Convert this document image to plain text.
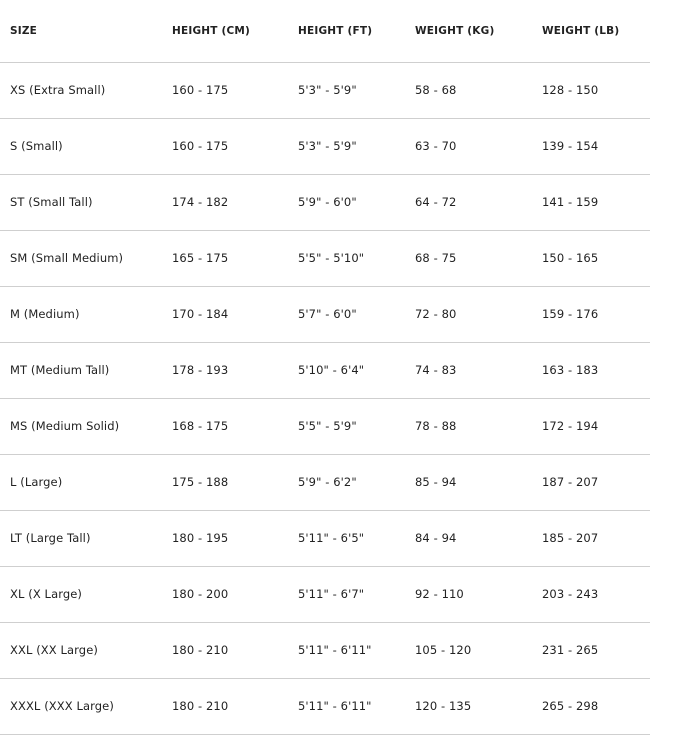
SIZE	HEIGHT (CM)	HEIGHT (FT)	WEIGHT (KG)	WEIGHT (LB)
XS (Extra Small)	160 - 175	5'3" - 5'9"	58 - 68	128 - 150
S (Small)	160 - 175	5'3" - 5'9"	63 - 70	139 - 154
ST (Small Tall)	174 - 182	5'9" - 6'0"	64 - 72	141 - 159
SM (Small Medium)	165 - 175	5'5" - 5'10"	68 - 75	150 - 165
M (Medium)	170 - 184	5'7" - 6'0"	72 - 80	159 - 176
MT (Medium Tall)	178 - 193	5'10" - 6'4"	74 - 83	163 - 183
MS (Medium Solid)	168 - 175	5'5" - 5'9"	78 - 88	172 - 194
L (Large)	175 - 188	5'9" - 6'2"	85 - 94	187 - 207
LT (Large Tall)	180 - 195	5'11" - 6'5"	84 - 94	185 - 207
XL (X Large)	180 - 200	5'11" - 6'7"	92 - 110	203 - 243
XXL (XX Large)	180 - 210	5'11" - 6'11"	105 - 120	231 - 265
XXXL (XXX Large)	180 - 210	5'11" - 6'11"	120 - 135	265 - 298
